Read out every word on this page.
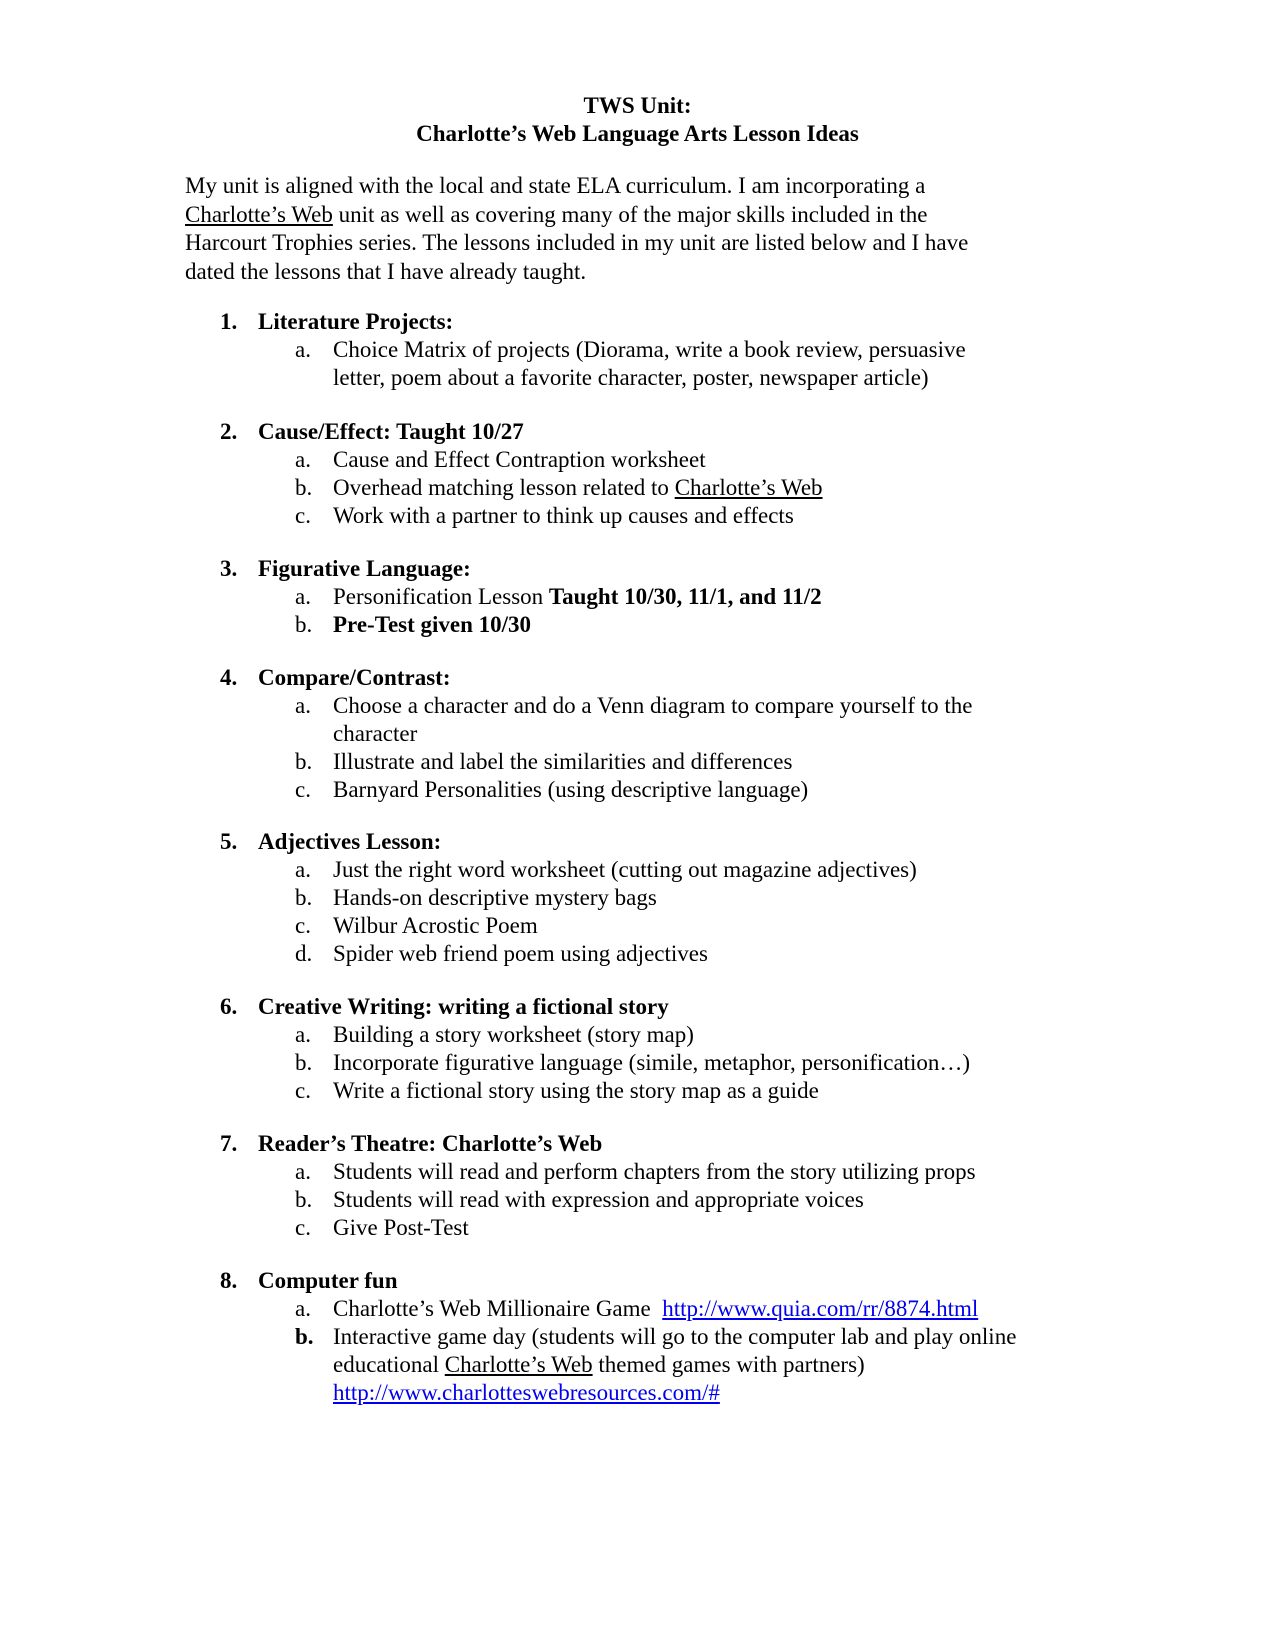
TWS Unit:
Charlotte’s Web Language Arts Lesson Ideas
My unit is aligned with the local and state ELA curriculum. I am incorporating a
Charlotte’s Web unit as well as covering many of the major skills included in the
Harcourt Trophies series. The lessons included in my unit are listed below and I have
dated the lessons that I have already taught.
1. Literature Projects:
a. Choice Matrix of projects (Diorama, write a book review, persuasive
letter, poem about a favorite character, poster, newspaper article)
2. Cause/Effect: Taught 10/27
a. Cause and Effect Contraption worksheet
b. Overhead matching lesson related to Charlotte’s Web
c. Work with a partner to think up causes and effects
3. Figurative Language:
a. Personification Lesson Taught 10/30, 11/1, and 11/2
b. Pre-Test given 10/30
4. Compare/Contrast:
a. Choose a character and do a Venn diagram to compare yourself to the
character
b. Illustrate and label the similarities and differences
c. Barnyard Personalities (using descriptive language)
5. Adjectives Lesson:
a. Just the right word worksheet (cutting out magazine adjectives)
b. Hands-on descriptive mystery bags
c. Wilbur Acrostic Poem
d. Spider web friend poem using adjectives
6. Creative Writing: writing a fictional story
a. Building a story worksheet (story map)
b. Incorporate figurative language (simile, metaphor, personification…)
c. Write a fictional story using the story map as a guide
7. Reader’s Theatre: Charlotte’s Web
a. Students will read and perform chapters from the story utilizing props
b. Students will read with expression and appropriate voices
c. Give Post-Test
8. Computer fun
a. Charlotte’s Web Millionaire Game  http://www.quia.com/rr/8874.html
b. Interactive game day (students will go to the computer lab and play online
educational Charlotte’s Web themed games with partners)
http://www.charlotteswebresources.com/#
